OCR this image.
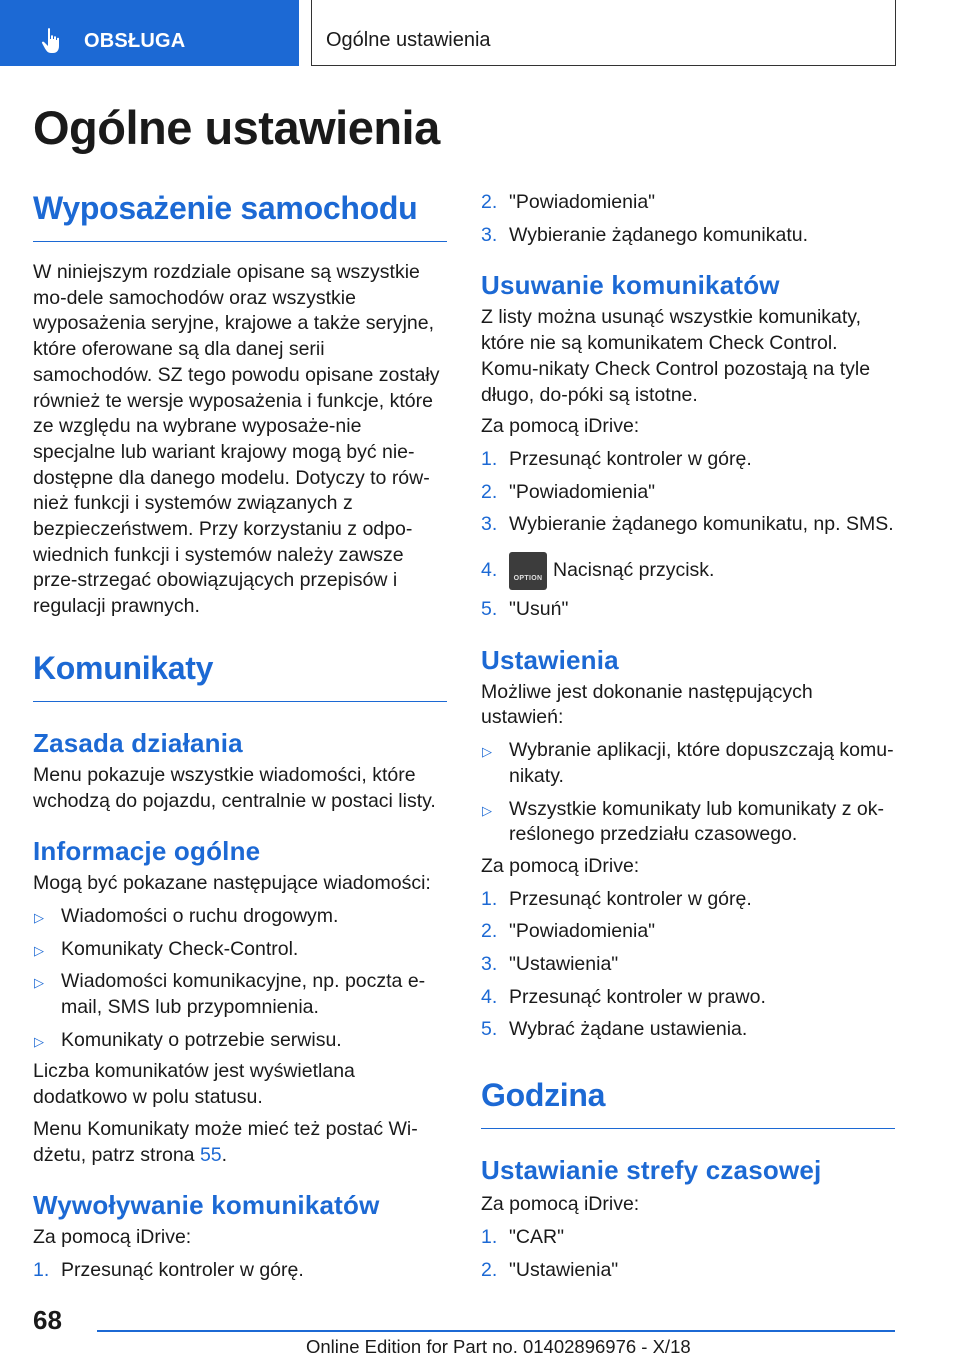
OBSŁUGA	Ogólne ustawienia
Ogólne ustawienia
Wyposażenie samochodu

W niniejszym rozdziale opisane są wszystkie mo-dele samochodów oraz wszystkie wyposażenia seryjne, krajowe a także seryjne, które oferowane są dla danej serii samochodów. SZ tego powodu opisane zostały również te wersje wyposażenia i funkcje, które ze względu na wybrane wyposaże-nie specjalne lub wariant krajowy mogą być nie-dostępne dla danego modelu. Dotyczy to rów-nież funkcji i systemów związanych z bezpieczeństwem. Przy korzystaniu z odpo-wiednich funkcji i systemów należy zawsze prze-strzegać obowiązujących przepisów i regulacji prawnych.

Komunikaty
Zasada działania

Menu pokazuje wszystkie wiadomości, które wchodzą do pojazdu, centralnie w postaci listy.

Informacje ogólne

Mogą być pokazane następujące wiadomości:

▷ Wiadomości o ruchu drogowym.
▷ Komunikaty Check-Control.
▷ Wiadomości komunikacyjne, np. poczta e-mail, SMS lub przypomnienia.
▷ Komunikaty o potrzebie serwisu.

Liczba komunikatów jest wyświetlana dodatkowo w polu statusu.

Menu Komunikaty może mieć też postać Wi-dżetu, patrz strona 55.

Wywoływanie komunikatów

Za pomocą iDrive:

1. Przesunąć kontroler w górę.
2. "Powiadomienia"
3. Wybieranie żądanego komunikatu.
Usuwanie komunikatów

Z listy można usunąć wszystkie komunikaty, które nie są komunikatem Check Control. Komu-nikaty Check Control pozostają na tyle długo, do-póki są istotne.

Za pomocą iDrive:

1. Przesunąć kontroler w górę.
2. "Powiadomienia"
3. Wybieranie żądanego komunikatu, np. SMS.
4.	OPTION Nacisnąć przycisk.
5. "Usuń"
Ustawienia

Możliwe jest dokonanie następujących ustawień:

▷ Wybranie aplikacji, które dopuszczają komu-nikaty.
▷ Wszystkie komunikaty lub komunikaty z ok-reślonego przedziału czasowego.

Za pomocą iDrive:

1. Przesunąć kontroler w górę.
2. "Powiadomienia"
3. "Ustawienia"
4. Przesunąć kontroler w prawo.
5. Wybrać żądane ustawienia.
Godzina
Ustawianie strefy czasowej

Za pomocą iDrive:

1. "CAR"
2. "Ustawienia"
68
Online Edition for Part no. 01402896976 - X/18
